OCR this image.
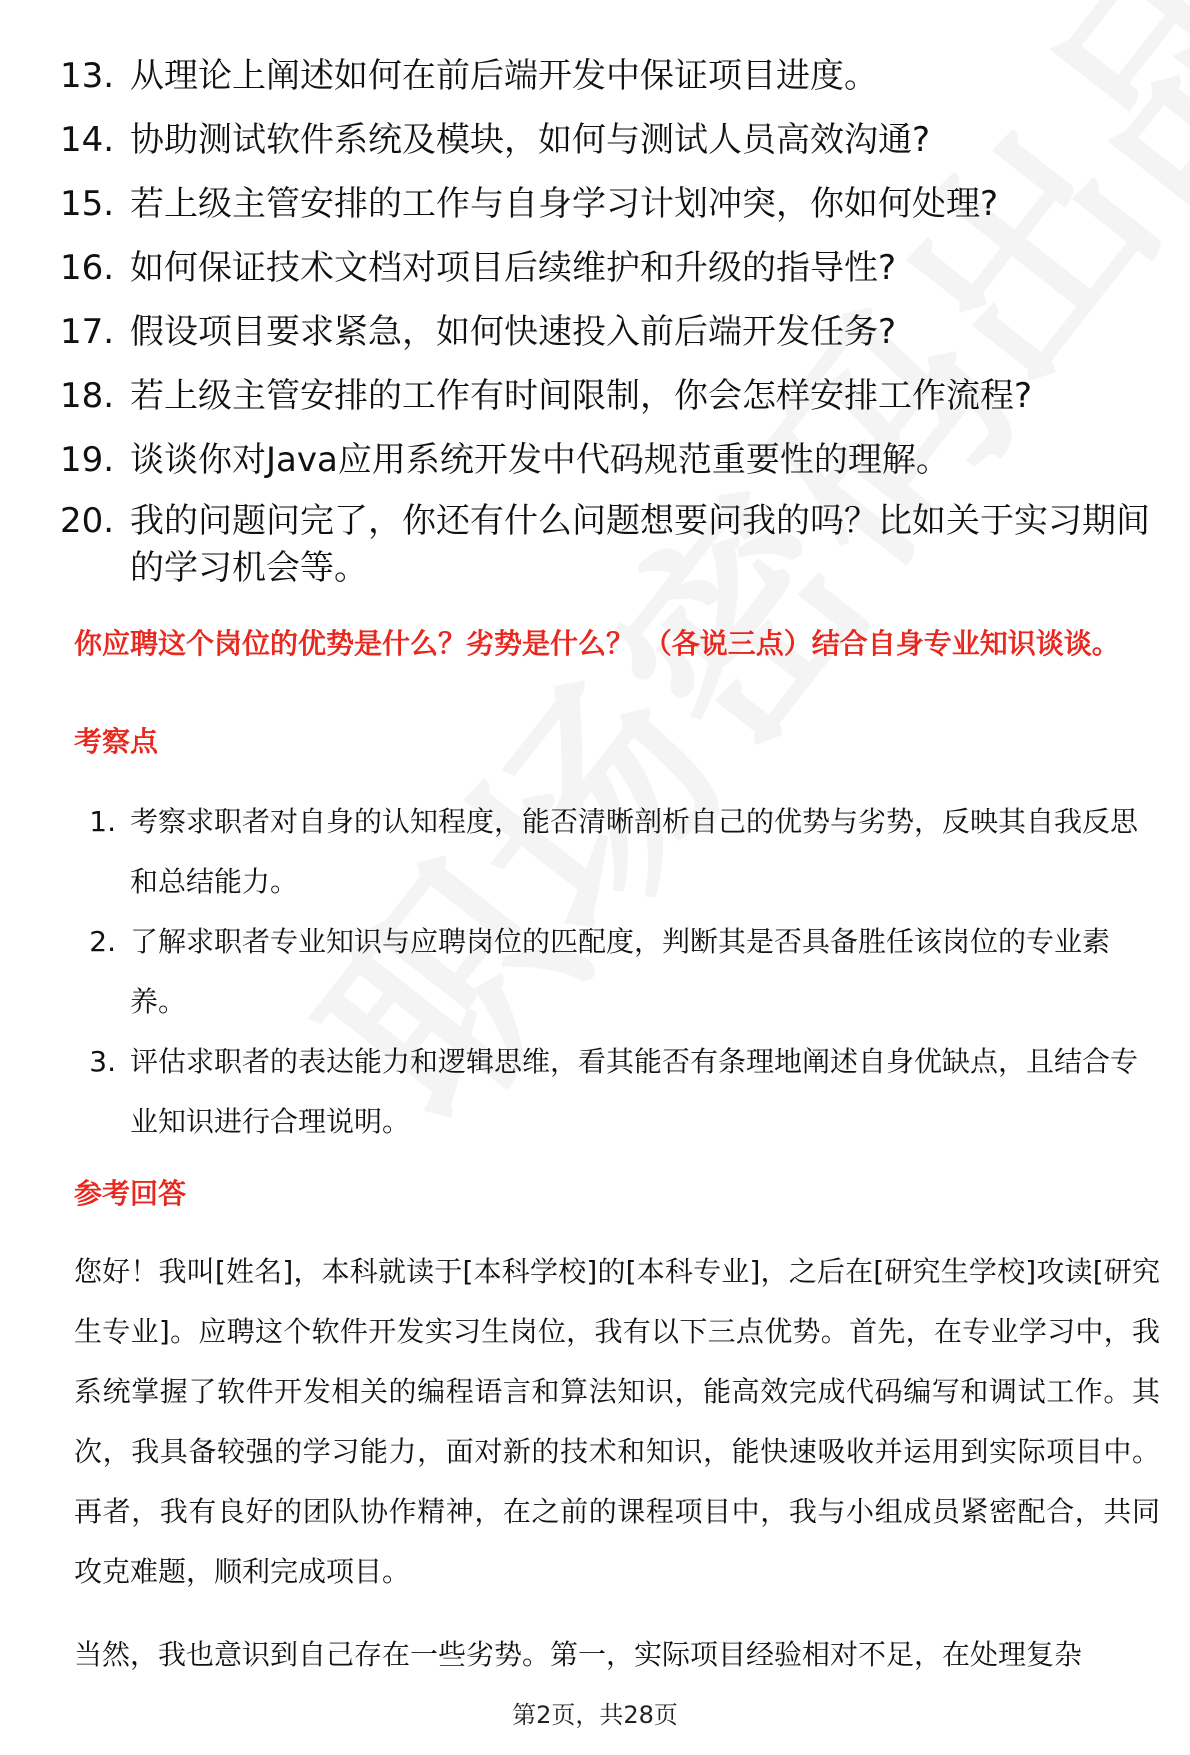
13. 从理论上阐述如何在前后端开发中保证项目进度。
14. 协助测试软件系统及模块，如何与测试人员高效沟通?
15. 若上级主管安排的工作与自身学习计划冲突，你如何处理?
16. 如何保证技术文档对项目后续维护和升级的指导性?
17. 假设项目要求紧急，如何快速投入前后端开发任务?
18. 若上级主管安排的工作有时间限制，你会怎样安排工作流程?
19. 谈谈你对Java应用系统开发中代码规范重要性的理解。
20. 我的问题问完了，你还有什么问题想要问我的吗？比如关于实习期间的学习机会等。
你应聘这个岗位的优势是什么？劣势是什么？ （各说三点）结合自身专业知识谈谈。
考察点
1. 考察求职者对自身的认知程度，能否清晰剖析自己的优势与劣势，反映其自我反思和总结能力。
2. 了解求职者专业知识与应聘岗位的匹配度，判断其是否具备胜任该岗位的专业素养。
3. 评估求职者的表达能力和逻辑思维，看其能否有条理地阐述自身优缺点，且结合专业知识进行合理说明。
参考回答

您好！我叫[姓名]，本科就读于[本科学校]的[本科专业]，之后在[研究生学校]攻读[研究生专业]。应聘这个软件开发实习生岗位，我有以下三点优势。首先，在专业学习中，我系统掌握了软件开发相关的编程语言和算法知识，能高效完成代码编写和调试工作。其次，我具备较强的学习能力，面对新的技术和知识，能快速吸收并运用到实际项目中。再者，我有良好的团队协作精神，在之前的课程项目中，我与小组成员紧密配合，共同攻克难题，顺利完成项目。

当然，我也意识到自己存在一些劣势。第一，实际项目经验相对不足，在处理复杂

第2页，共28页
